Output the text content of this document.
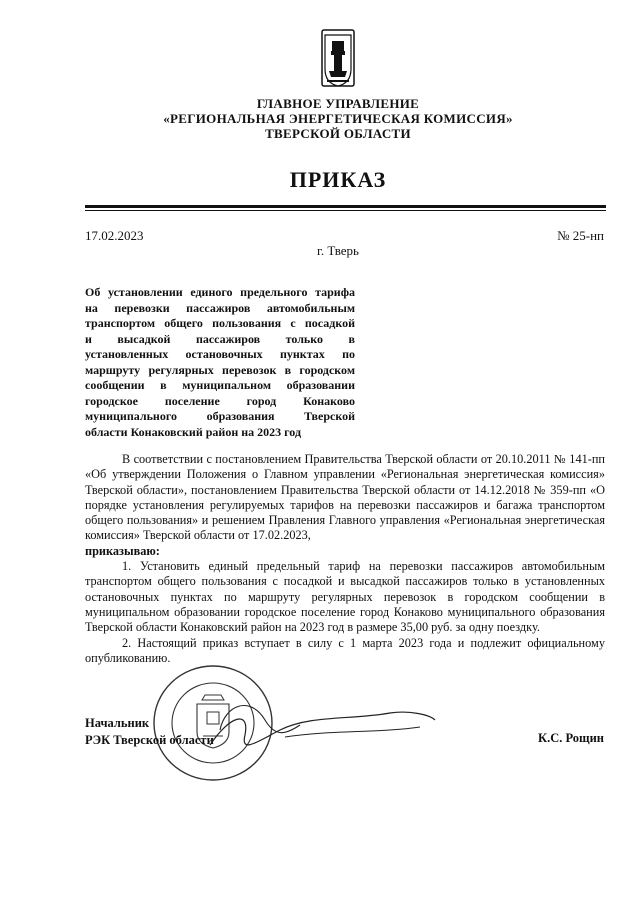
ГЛАВНОЕ УПРАВЛЕНИЕ
«РЕГИОНАЛЬНАЯ ЭНЕРГЕТИЧЕСКАЯ КОМИССИЯ»
ТВЕРСКОЙ ОБЛАСТИ
ПРИКАЗ
17.02.2023	№ 25-нп
г. Тверь
Об установлении единого предельного тарифа
на перевозки пассажиров автомобильным
транспортом общего пользования с посадкой
и высадкой пассажиров только в
установленных остановочных пунктах по
маршруту регулярных перевозок в городском
сообщении в муниципальном образовании
городское поселение город Конаково
муниципального образования Тверской
области Конаковский район на 2023 год

В соответствии с постановлением Правительства Тверской области от 20.10.2011 № 141-пп «Об утверждении Положения о Главном управлении «Региональная энергетическая комиссия» Тверской области», постановлением Правительства Тверской области от 14.12.2018 № 359-пп «О порядке установления регулируемых тарифов на перевозки пассажиров и багажа транспортом общего пользования» и решением Правления Главного управления «Региональная энергетическая комиссия» Тверской области от 17.02.2023,

приказываю:

1. Установить единый предельный тариф на перевозки пассажиров автомобильным транспортом общего пользования с посадкой и высадкой пассажиров только в установленных остановочных пунктах по маршруту регулярных перевозок в городском сообщении в муниципальном образовании городское поселение город Конаково муниципального образования Тверской области Конаковский район на 2023 год в размере 35,00 руб. за одну поездку.

2. Настоящий приказ вступает в силу с 1 марта 2023 года и подлежит официальному опубликованию.

Начальник
РЭК Тверской области	К.С. Рощин
